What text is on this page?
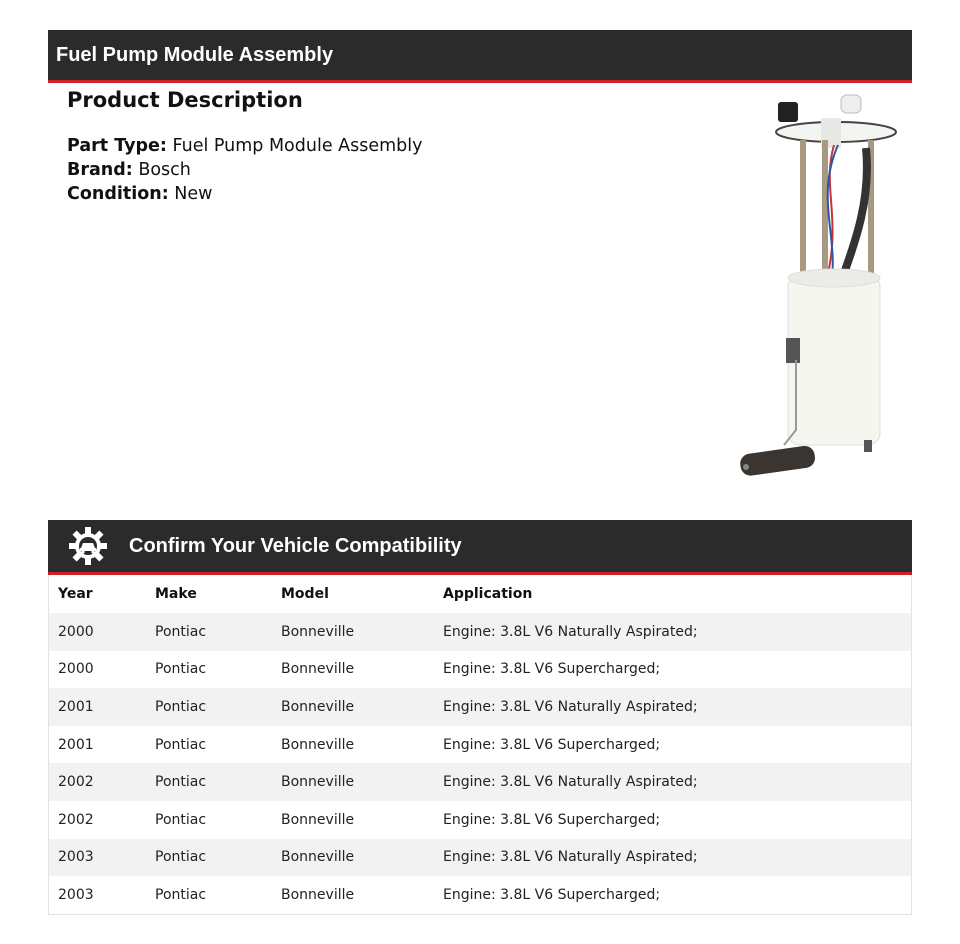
Fuel Pump Module Assembly
Product Description
Part Type: Fuel Pump Module Assembly
Brand: Bosch
Condition: New
Confirm Your Vehicle Compatibility
Year	Make	Model	Application
2000	Pontiac	Bonneville	Engine: 3.8L V6 Naturally Aspirated;
2000	Pontiac	Bonneville	Engine: 3.8L V6 Supercharged;
2001	Pontiac	Bonneville	Engine: 3.8L V6 Naturally Aspirated;
2001	Pontiac	Bonneville	Engine: 3.8L V6 Supercharged;
2002	Pontiac	Bonneville	Engine: 3.8L V6 Naturally Aspirated;
2002	Pontiac	Bonneville	Engine: 3.8L V6 Supercharged;
2003	Pontiac	Bonneville	Engine: 3.8L V6 Naturally Aspirated;
2003	Pontiac	Bonneville	Engine: 3.8L V6 Supercharged;
